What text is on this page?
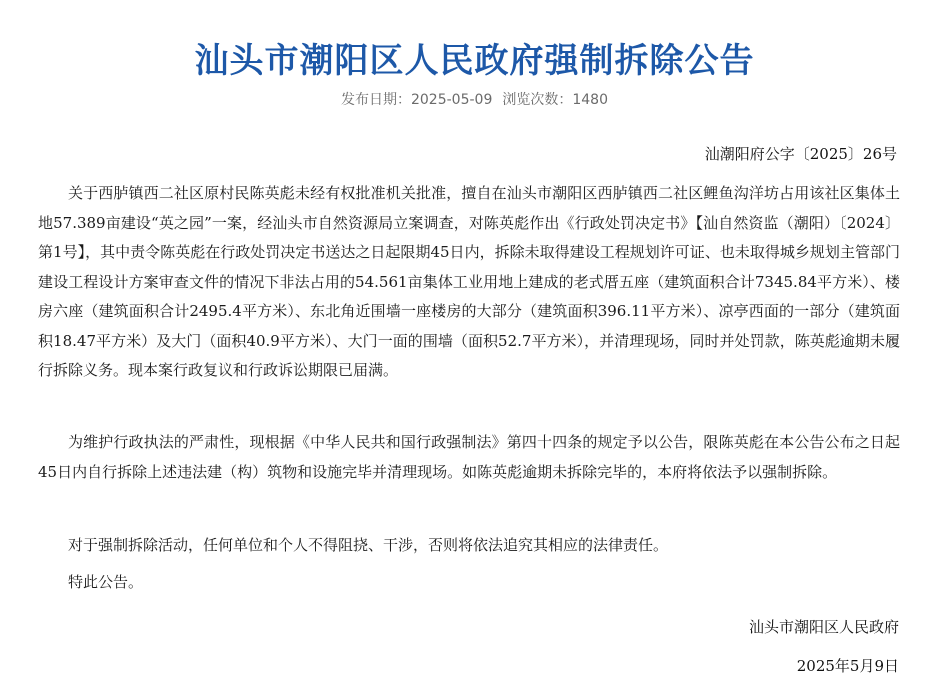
汕头市潮阳区人民政府强制拆除公告
发布日期：2025-05-09 浏览次数：1480
汕潮阳府公字〔2025〕26号

关于西胪镇西二社区原村民陈英彪未经有权批准机关批准，擅自在汕头市潮阳区西胪镇西二社区鲤鱼沟洋坊占用该社区集体土地57.389亩建设“英之园”一案，经汕头市自然资源局立案调查，对陈英彪作出《行政处罚决定书》【汕自然资监（潮阳）〔2024〕第1号】，其中责令陈英彪在行政处罚决定书送达之日起限期45日内，拆除未取得建设工程规划许可证、也未取得城乡规划主管部门建设工程设计方案审查文件的情况下非法占用的54.561亩集体工业用地上建成的老式厝五座（建筑面积合计7345.84平方米）、楼房六座（建筑面积合计2495.4平方米）、东北角近围墙一座楼房的大部分（建筑面积396.11平方米）、凉亭西面的一部分（建筑面积18.47平方米）及大门（面积40.9平方米）、大门一面的围墙（面积52.7平方米），并清理现场，同时并处罚款，陈英彪逾期未履行拆除义务。现本案行政复议和行政诉讼期限已届满。

为维护行政执法的严肃性，现根据《中华人民共和国行政强制法》第四十四条的规定予以公告，限陈英彪在本公告公布之日起45日内自行拆除上述违法建（构）筑物和设施完毕并清理现场。如陈英彪逾期未拆除完毕的，本府将依法予以强制拆除。

对于强制拆除活动，任何单位和个人不得阻挠、干涉，否则将依法追究其相应的法律责任。

特此公告。

汕头市潮阳区人民政府
2025年5月9日
